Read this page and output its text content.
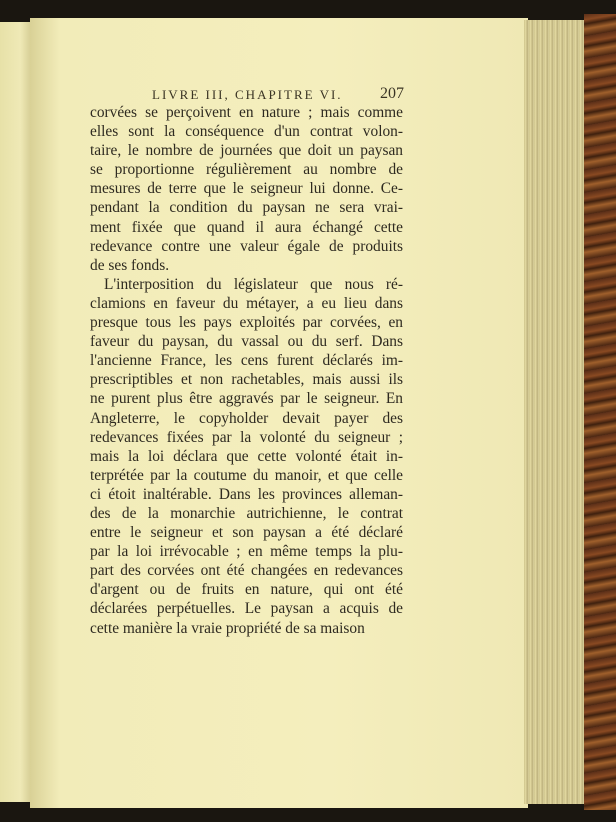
LIVRE III, CHAPITRE VI. 207
corvées se perçoivent en nature ; mais comme
elles sont la conséquence d'un contrat volon-
taire, le nombre de journées que doit un paysan
se proportionne régulièrement au nombre de
mesures de terre que le seigneur lui donne. Ce-
pendant la condition du paysan ne sera vrai-
ment fixée que quand il aura échangé cette
redevance contre une valeur égale de produits
de ses fonds.
L'interposition du législateur que nous ré-
clamions en faveur du métayer, a eu lieu dans
presque tous les pays exploités par corvées, en
faveur du paysan, du vassal ou du serf. Dans
l'ancienne France, les cens furent déclarés im-
prescriptibles et non rachetables, mais aussi ils
ne purent plus être aggravés par le seigneur. En
Angleterre, le copyholder devait payer des
redevances fixées par la volonté du seigneur ;
mais la loi déclara que cette volonté était in-
terprétée par la coutume du manoir, et que celle
ci étoit inaltérable. Dans les provinces alleman-
des de la monarchie autrichienne, le contrat
entre le seigneur et son paysan a été déclaré
par la loi irrévocable ; en même temps la plu-
part des corvées ont été changées en redevances
d'argent ou de fruits en nature, qui ont été
déclarées perpétuelles. Le paysan a acquis de
cette manière la vraie propriété de sa maison
